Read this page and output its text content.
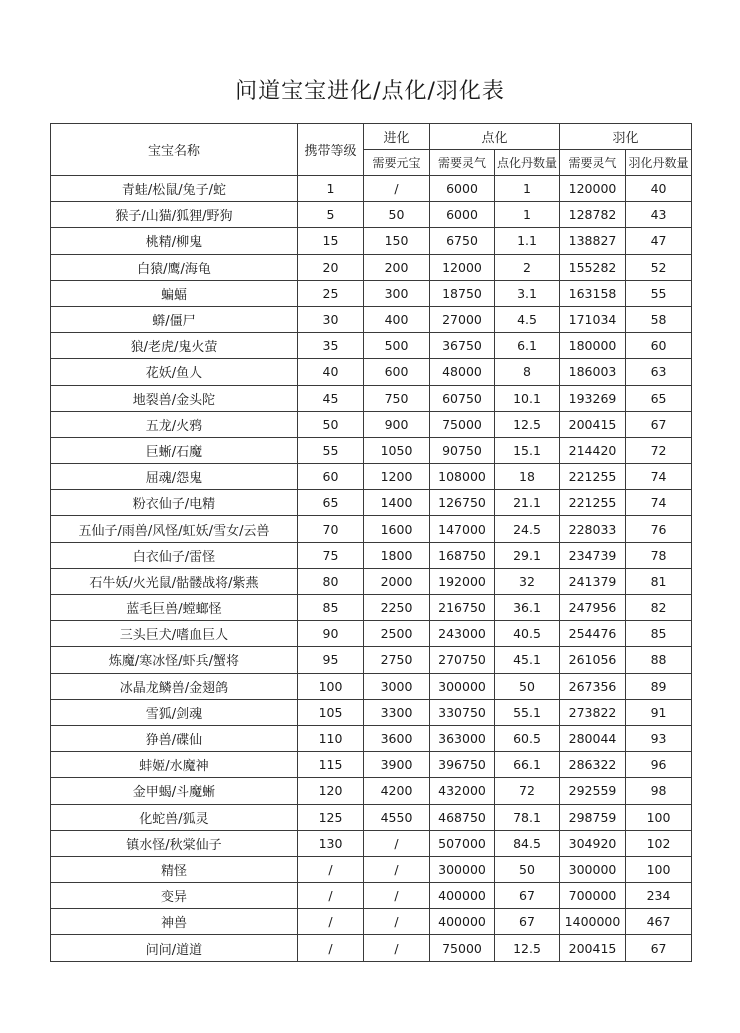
问道宝宝进化/点化/羽化表
宝宝名称	携带等级	进化	点化		羽化	
		需要元宝	需要灵气	点化丹数量	需要灵气	羽化丹数量
青蛙/松鼠/兔子/蛇	1	/	6000	1	120000	40
猴子/山猫/狐狸/野狗	5	50	6000	1	128782	43
桃精/柳鬼	15	150	6750	1.1	138827	47
白猿/鹰/海龟	20	200	12000	2	155282	52
蝙蝠	25	300	18750	3.1	163158	55
蟒/僵尸	30	400	27000	4.5	171034	58
狼/老虎/鬼火萤	35	500	36750	6.1	180000	60
花妖/鱼人	40	600	48000	8	186003	63
地裂兽/金头陀	45	750	60750	10.1	193269	65
五龙/火鸦	50	900	75000	12.5	200415	67
巨蜥/石魔	55	1050	90750	15.1	214420	72
屈魂/怨鬼	60	1200	108000	18	221255	74
粉衣仙子/电精	65	1400	126750	21.1	221255	74
五仙子/雨兽/风怪/虹妖/雪女/云兽	70	1600	147000	24.5	228033	76
白衣仙子/雷怪	75	1800	168750	29.1	234739	78
石牛妖/火光鼠/骷髅战将/紫燕	80	2000	192000	32	241379	81
蓝毛巨兽/螳螂怪	85	2250	216750	36.1	247956	82
三头巨犬/嗜血巨人	90	2500	243000	40.5	254476	85
炼魔/寒冰怪/虾兵/蟹将	95	2750	270750	45.1	261056	88
冰晶龙鳞兽/金翅鸽	100	3000	300000	50	267356	89
雪狐/剑魂	105	3300	330750	55.1	273822	91
狰兽/碟仙	110	3600	363000	60.5	280044	93
蚌姬/水魔神	115	3900	396750	66.1	286322	96
金甲蝎/斗魔蜥	120	4200	432000	72	292559	98
化蛇兽/狐灵	125	4550	468750	78.1	298759	100
镇水怪/秋棠仙子	130	/	507000	84.5	304920	102
精怪	/	/	300000	50	300000	100
变异	/	/	400000	67	700000	234
神兽	/	/	400000	67	1400000	467
问问/道道	/	/	75000	12.5	200415	67
